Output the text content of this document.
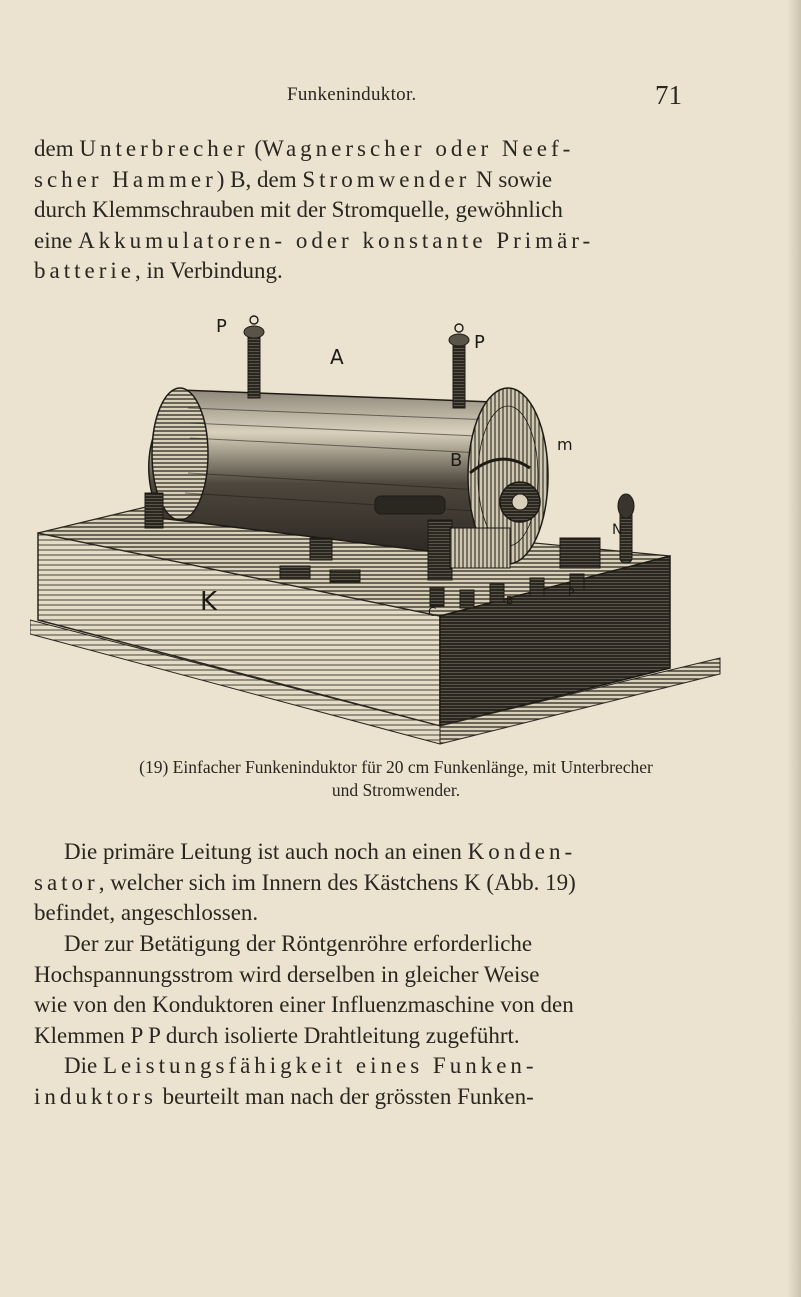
Funkeninduktor.	71

dem Unterbrecher (Wagnerscher oder Neef-
scher Hammer) B, dem Stromwender N sowie
durch Klemmschrauben mit der Stromquelle, gewöhnlich
eine Akkumulatoren- oder konstante Primär-
batterie, in Verbindung.

P
A
P
m
B
N
K	P
C
B
(19) Einfacher Funkeninduktor für 20 cm Funkenlänge, mit Unterbrecher
und Stromwender.

Die primäre Leitung ist auch noch an einen Konden-
sator, welcher sich im Innern des Kästchens K (Abb. 19)
befindet, angeschlossen.

Der zur Betätigung der Röntgenröhre erforderliche
Hochspannungsstrom wird derselben in gleicher Weise
wie von den Konduktoren einer Influenzmaschine von den
Klemmen P P durch isolierte Drahtleitung zugeführt.

Die Leistungsfähigkeit eines Funken-
induktors beurteilt man nach der grössten Funken-
